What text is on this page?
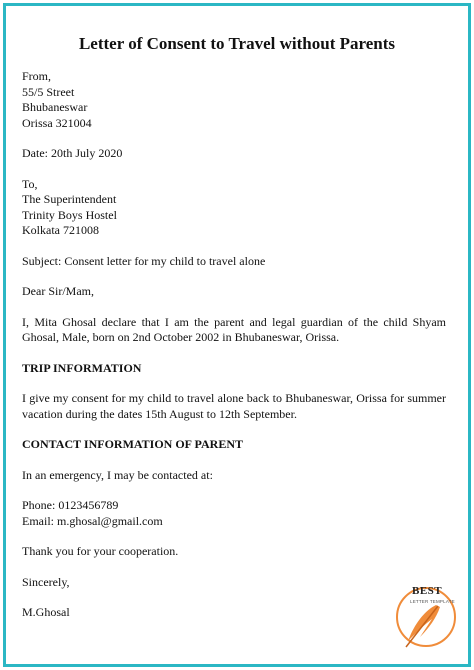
Letter of Consent to Travel without Parents
From,
55/5 Street
Bhubaneswar
Orissa 321004
Date: 20th July 2020
To,
The Superintendent
Trinity Boys Hostel
Kolkata 721008
Subject: Consent letter for my child to travel alone
Dear Sir/Mam,
I, Mita Ghosal declare that I am the parent and legal guardian of the child Shyam Ghosal, Male, born on 2nd October 2002 in Bhubaneswar, Orissa.
TRIP INFORMATION
I give my consent for my child to travel alone back to Bhubaneswar, Orissa for summer vacation during the dates 15th August to 12th September.
CONTACT INFORMATION OF PARENT
In an emergency, I may be contacted at:
Phone: 0123456789
Email: m.ghosal@gmail.com
Thank you for your cooperation.
Sincerely,
M.Ghosal
BEST
LETTER TEMPLATE
